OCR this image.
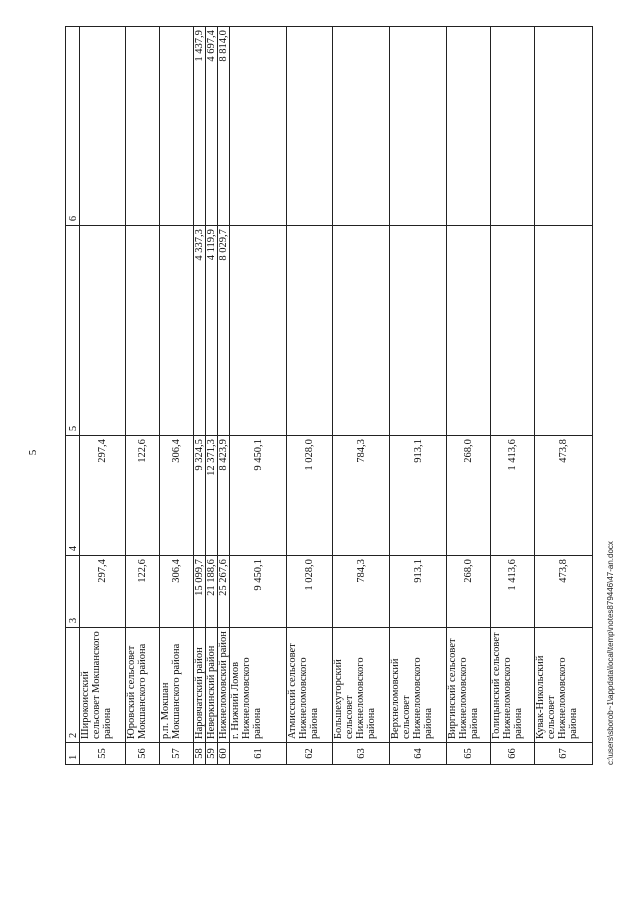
5
1	2	3	4	5	6
55	Широкоисский сельсовет Мокшанского района	297,4	297,4		
56	Юровский сельсовет Мокшанского района	122,6	122,6		
57	р.п. Мокшан Мокшанского района	306,4	306,4		
58	Наровчатский район	15 099,7	9 324,5	4 337,3	1 437,9
59	Неверкинский район	21 188,6	12 371,3	4 119,9	4 697,4
60	Нижнеломовский район	25 267,6	8 423,9	8 029,7	8 814,0
61	г. Нижний Ломов Нижнеломовского района	9 450,1	9 450,1		
62	Атмисский сельсовет Нижнеломовского района	1 028,0	1 028,0		
63	Большехуторский сельсовет Нижнеломовского района	784,3	784,3		
64	Верхнеломовский сельсовет Нижнеломовского района	913,1	913,1		
65	Виргинский сельсовет Нижнеломовского района	268,0	268,0		
66	Голицынский сельсовет Нижнеломовского района	1 413,6	1 413,6		
67	Кувак-Никольский сельсовет Нижнеломовского района	473,8	473,8		
c:\users\sborob~1\appdata\local\temp\notes879446\47-an.docx
